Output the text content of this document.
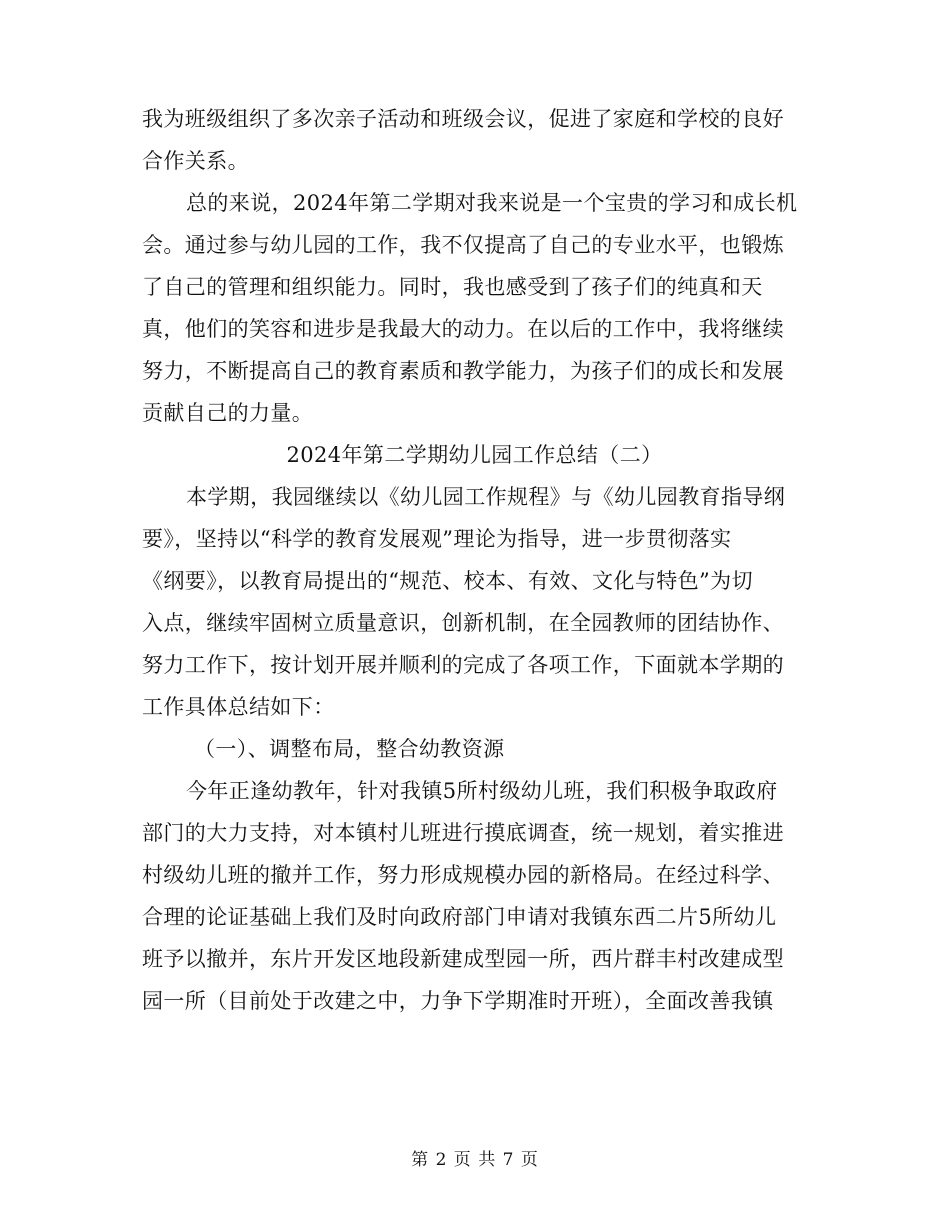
我为班级组织了多次亲子活动和班级会议，促进了家庭和学校的良好
合作关系。
总的来说，2024年第二学期对我来说是一个宝贵的学习和成长机
会。通过参与幼儿园的工作，我不仅提高了自己的专业水平，也锻炼
了自己的管理和组织能力。同时，我也感受到了孩子们的纯真和天
真，他们的笑容和进步是我最大的动力。在以后的工作中，我将继续
努力，不断提高自己的教育素质和教学能力，为孩子们的成长和发展
贡献自己的力量。
2024年第二学期幼儿园工作总结（二）
本学期，我园继续以《幼儿园工作规程》与《幼儿园教育指导纲
要》，坚持以“科学的教育发展观”理论为指导，进一步贯彻落实
《纲要》，以教育局提出的“规范、校本、有效、文化与特色”为切
入点，继续牢固树立质量意识，创新机制，在全园教师的团结协作、
努力工作下，按计划开展并顺利的完成了各项工作，下面就本学期的
工作具体总结如下：
（一）、调整布局，整合幼教资源
今年正逢幼教年，针对我镇5所村级幼儿班，我们积极争取政府
部门的大力支持，对本镇村儿班进行摸底调查，统一规划，着实推进
村级幼儿班的撤并工作，努力形成规模办园的新格局。在经过科学、
合理的论证基础上我们及时向政府部门申请对我镇东西二片5所幼儿
班予以撤并，东片开发区地段新建成型园一所，西片群丰村改建成型
园一所（目前处于改建之中，力争下学期准时开班），全面改善我镇
第 2 页 共 7 页
